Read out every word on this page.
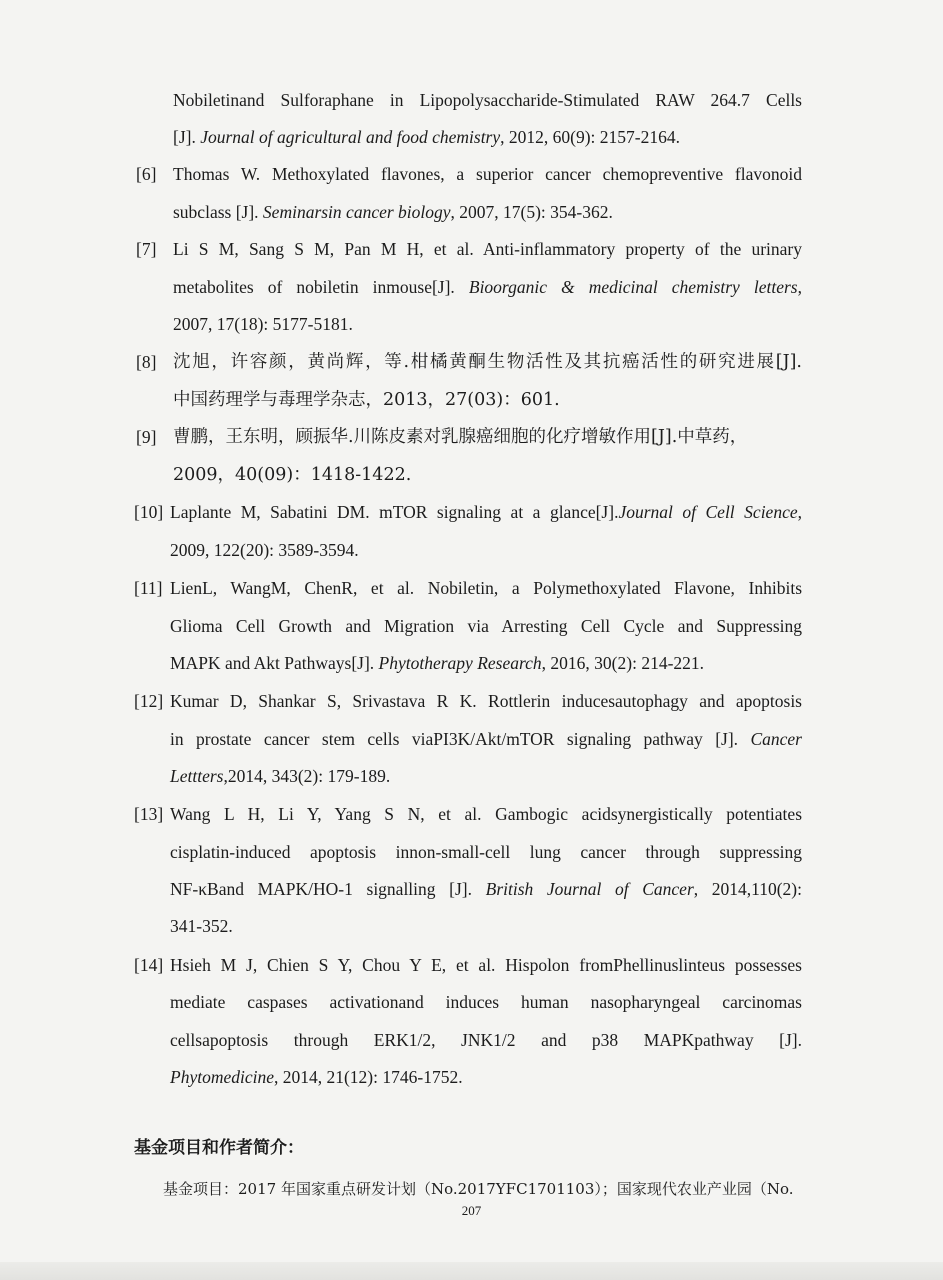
Nobiletinand Sulforaphane in Lipopolysaccharide-Stimulated RAW 264.7 Cells
[J]. Journal of agricultural and food chemistry, 2012, 60(9): 2157-2164.
[6] Thomas W. Methoxylated flavones, a superior cancer chemopreventive flavonoid
subclass [J]. Seminarsin cancer biology, 2007, 17(5): 354-362.
[7] Li S M, Sang S M, Pan M H, et al. Anti-inflammatory property of the urinary
metabolites of nobiletin inmouse[J]. Bioorganic & medicinal chemistry letters,
2007, 17(18): 5177-5181.
[8] 沈旭，许容颜，黄尚辉，等.柑橘黄酮生物活性及其抗癌活性的研究进展[J].
中国药理学与毒理学杂志，2013，27(03)：601.
[9] 曹鹏，王东明，顾振华.川陈皮素对乳腺癌细胞的化疗增敏作用[J].中草药，
2009，40(09)：1418-1422.
[10] Laplante M, Sabatini DM. mTOR signaling at a glance[J].Journal of Cell Science,
2009, 122(20): 3589-3594.
[11] LienL, WangM, ChenR, et al. Nobiletin, a Polymethoxylated Flavone, Inhibits
Glioma Cell Growth and Migration via Arresting Cell Cycle and Suppressing
MAPK and Akt Pathways[J]. Phytotherapy Research, 2016, 30(2): 214-221.
[12] Kumar D, Shankar S, Srivastava R K. Rottlerin inducesautophagy and apoptosis
in prostate cancer stem cells viaPI3K/Akt/mTOR signaling pathway [J]. Cancer
Lettters,2014, 343(2): 179-189.
[13] Wang L H, Li Y, Yang S N, et al. Gambogic acidsynergistically potentiates
cisplatin-induced apoptosis innon-small-cell lung cancer through suppressing
NF-κBand MAPK/HO-1 signalling [J]. British Journal of Cancer, 2014,110(2):
341-352.
[14] Hsieh M J, Chien S Y, Chou Y E, et al. Hispolon fromPhellinuslinteus possesses
mediate caspases activationand induces human nasopharyngeal carcinomas
cellsapoptosis through ERK1/2, JNK1/2 and p38 MAPKpathway [J].
Phytomedicine, 2014, 21(12): 1746-1752.
基金项目和作者简介：
基金项目：2017 年国家重点研发计划（No.2017YFC1701103）；国家现代农业产业园（No.
207
